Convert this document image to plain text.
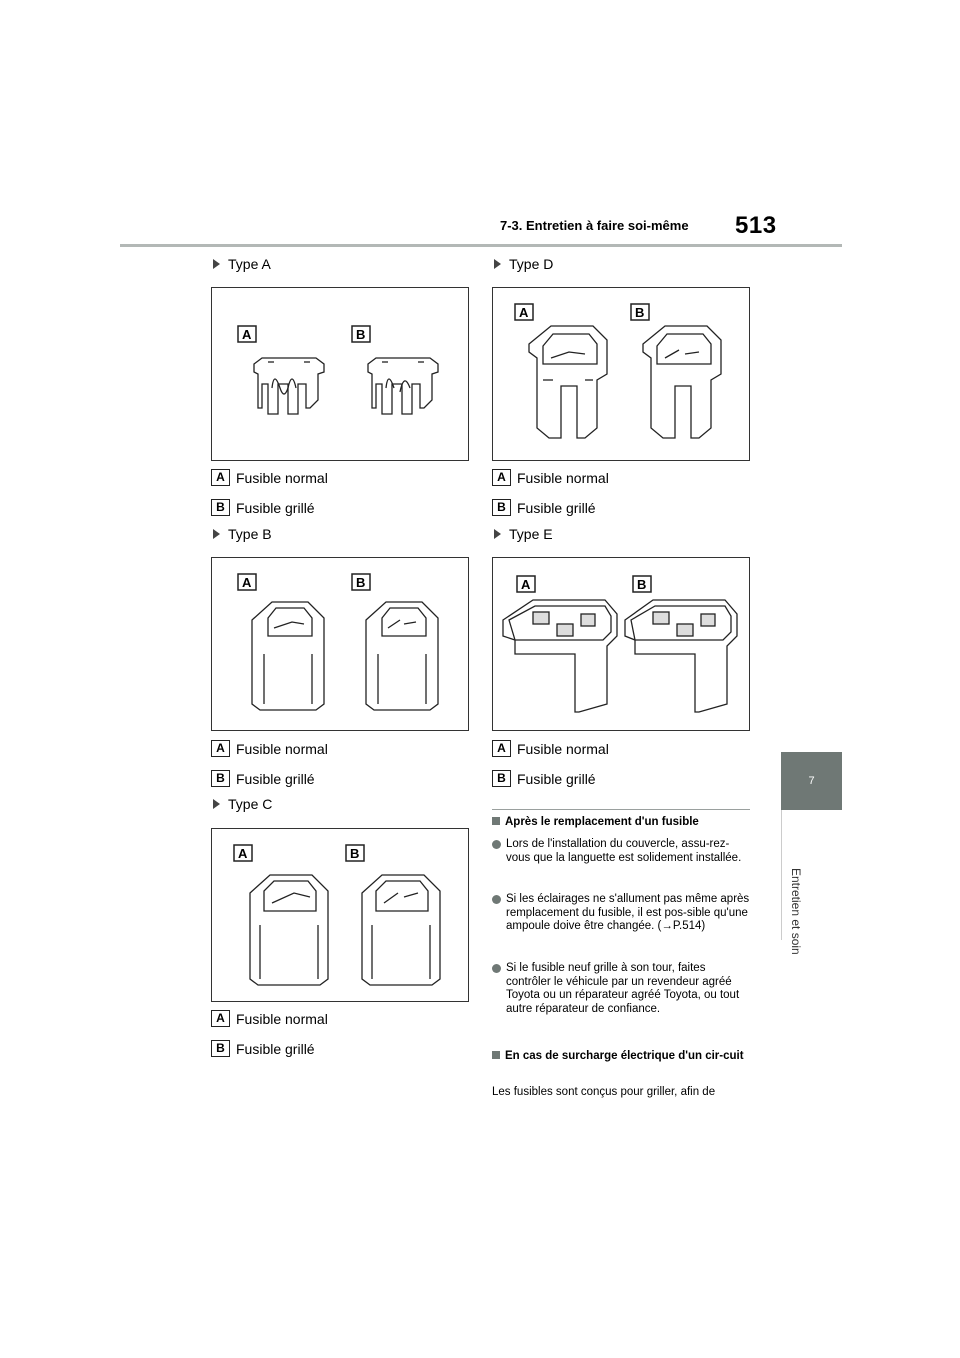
7-3. Entretien à faire soi-même 513
7
Entretien et soin
Type A
A	B
A Fusible normal
B Fusible grillé
Type B
A	B
A Fusible normal
B Fusible grillé
Type C
A	B
A Fusible normal
B Fusible grillé
Type D
A	B
A Fusible normal
B Fusible grillé
Type E
A	B
A Fusible normal
B Fusible grillé
Après le remplacement d'un fusible
Lors de l'installation du couvercle, assu-rez-vous que la languette est solidement installée.
Si les éclairages ne s'allument pas même après remplacement du fusible, il est pos-sible qu'une ampoule doive être changée. (→P.514)
Si le fusible neuf grille à son tour, faites contrôler le véhicule par un revendeur agréé Toyota ou un réparateur agréé Toyota, ou tout autre réparateur de confiance.
En cas de surcharge électrique d'un cir-cuit
Les fusibles sont conçus pour griller, afin de
